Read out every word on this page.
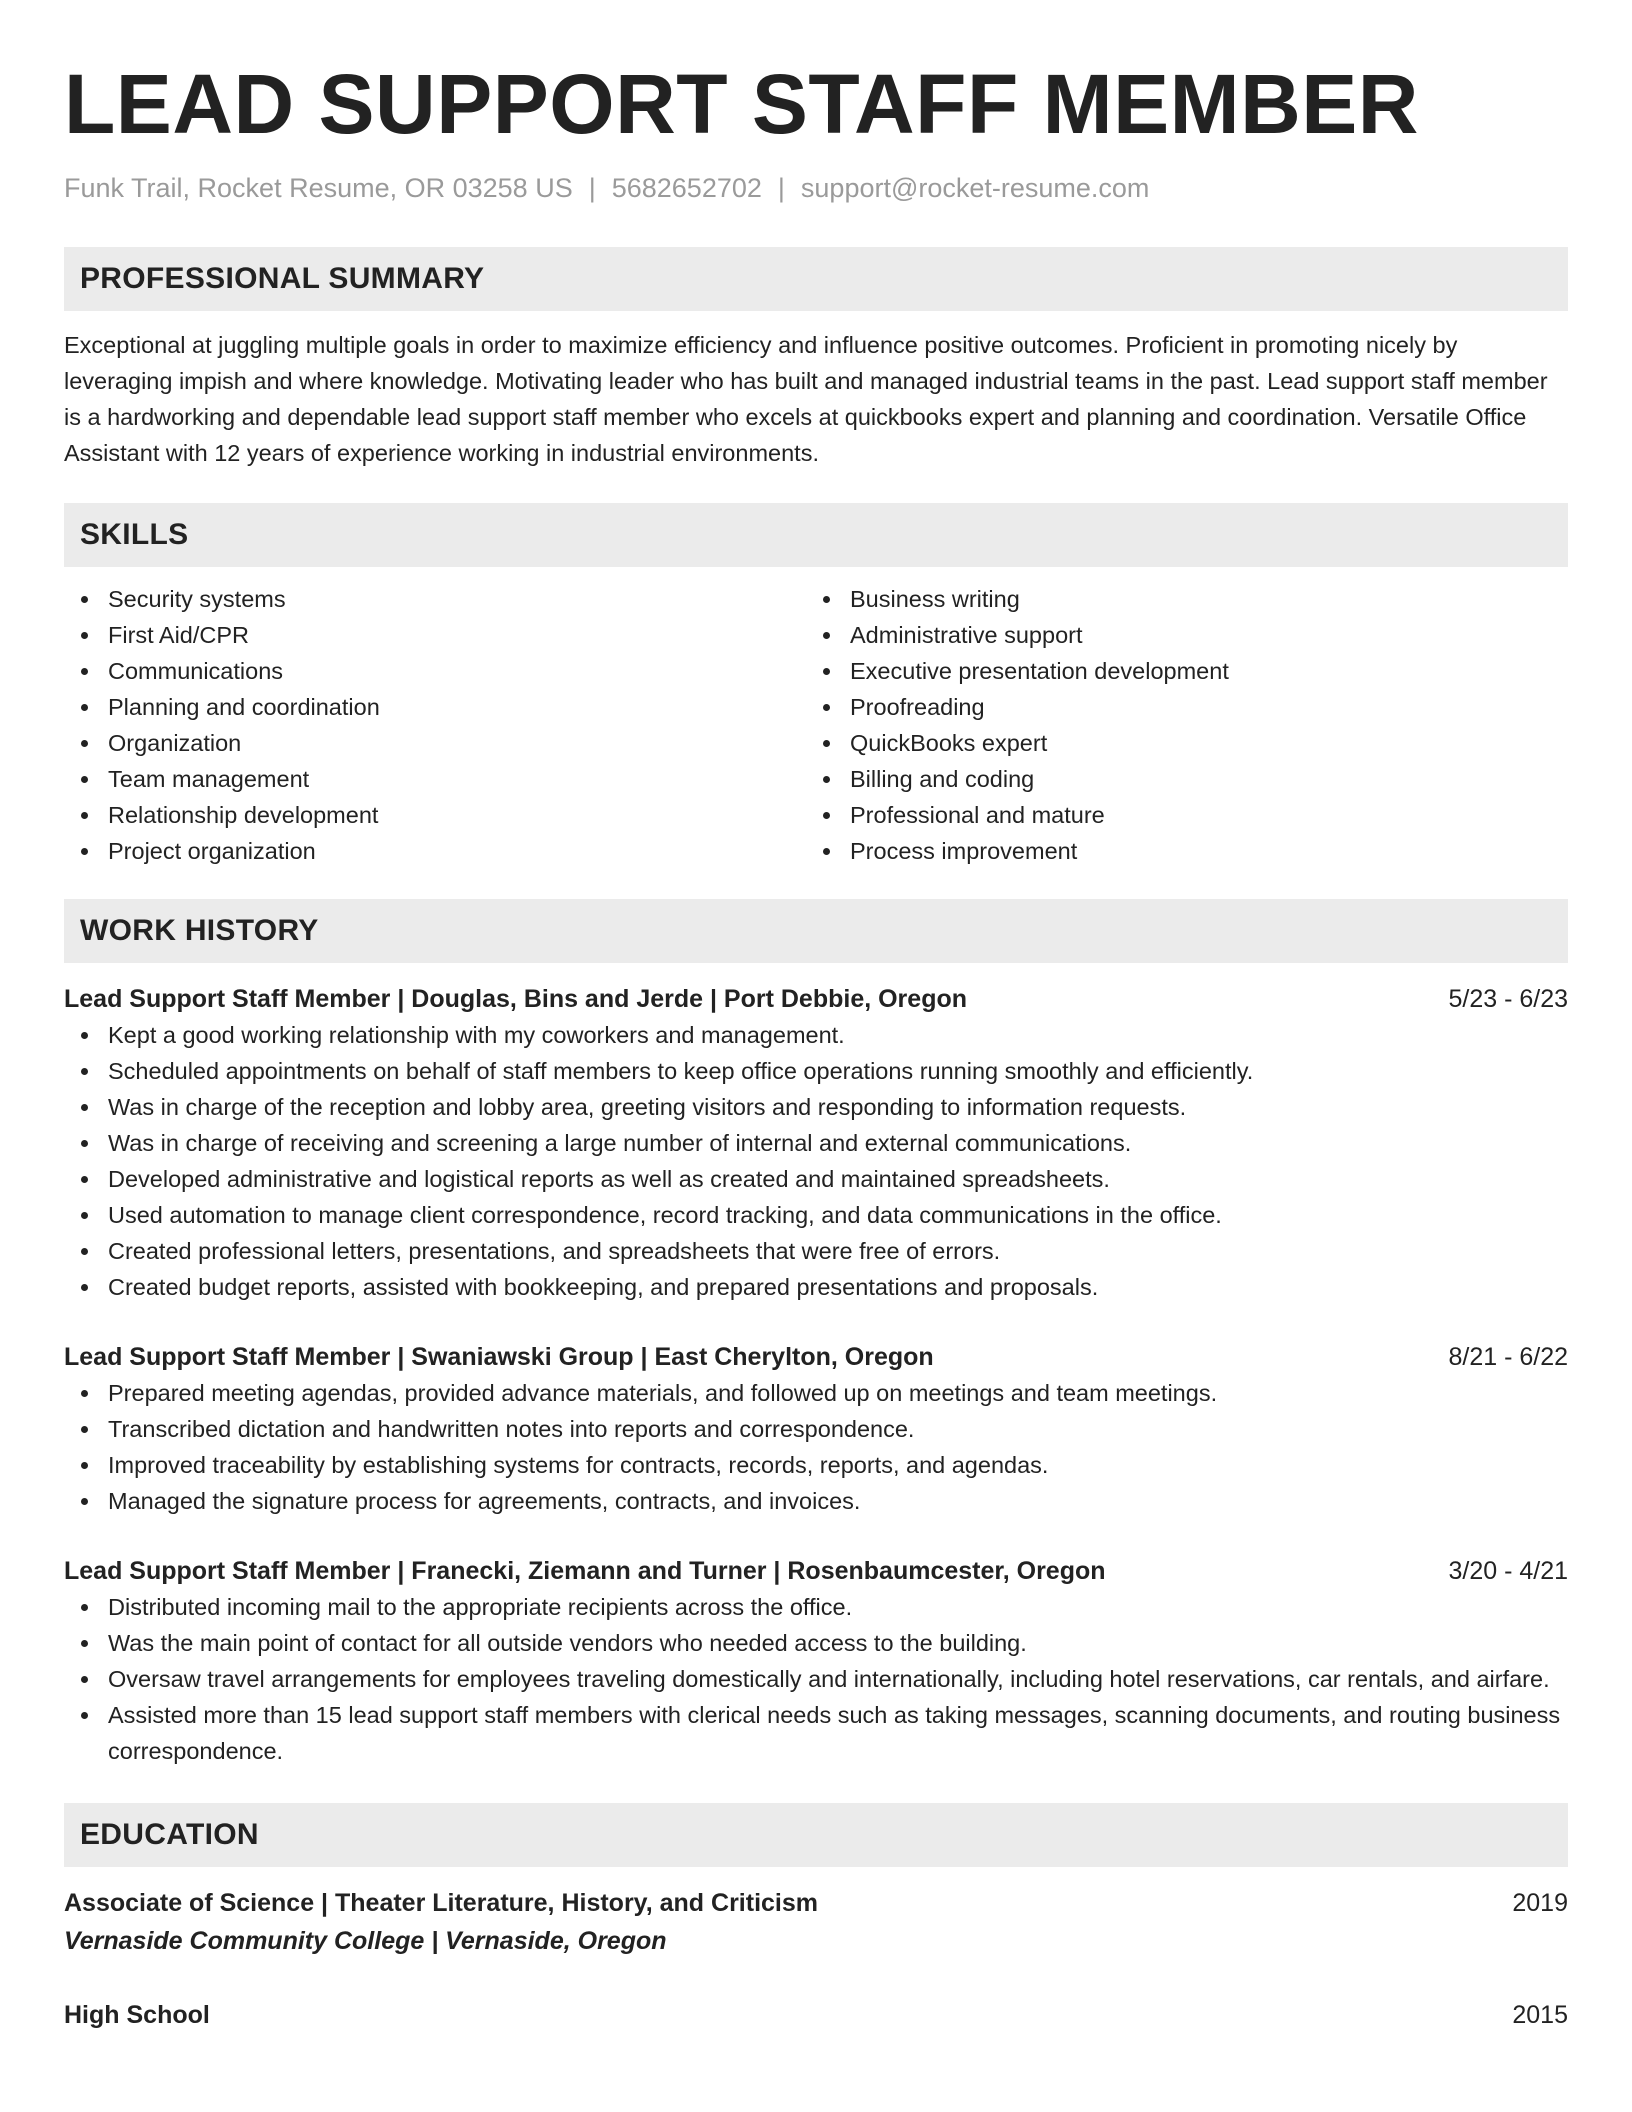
LEAD SUPPORT STAFF MEMBER
Funk Trail, Rocket Resume, OR 03258 US | 5682652702 | support@rocket-resume.com
PROFESSIONAL SUMMARY
Exceptional at juggling multiple goals in order to maximize efficiency and influence positive outcomes. Proficient in promoting nicely by leveraging impish and where knowledge. Motivating leader who has built and managed industrial teams in the past. Lead support staff member is a hardworking and dependable lead support staff member who excels at quickbooks expert and planning and coordination. Versatile Office Assistant with 12 years of experience working in industrial environments.
SKILLS
Security systems
First Aid/CPR
Communications
Planning and coordination
Organization
Team management
Relationship development
Project organization
Business writing
Administrative support
Executive presentation development
Proofreading
QuickBooks expert
Billing and coding
Professional and mature
Process improvement
WORK HISTORY
Lead Support Staff Member | Douglas, Bins and Jerde | Port Debbie, Oregon	5/23 - 6/23
Kept a good working relationship with my coworkers and management.
Scheduled appointments on behalf of staff members to keep office operations running smoothly and efficiently.
Was in charge of the reception and lobby area, greeting visitors and responding to information requests.
Was in charge of receiving and screening a large number of internal and external communications.
Developed administrative and logistical reports as well as created and maintained spreadsheets.
Used automation to manage client correspondence, record tracking, and data communications in the office.
Created professional letters, presentations, and spreadsheets that were free of errors.
Created budget reports, assisted with bookkeeping, and prepared presentations and proposals.
Lead Support Staff Member | Swaniawski Group | East Cherylton, Oregon	8/21 - 6/22
Prepared meeting agendas, provided advance materials, and followed up on meetings and team meetings.
Transcribed dictation and handwritten notes into reports and correspondence.
Improved traceability by establishing systems for contracts, records, reports, and agendas.
Managed the signature process for agreements, contracts, and invoices.
Lead Support Staff Member | Franecki, Ziemann and Turner | Rosenbaumcester, Oregon	3/20 - 4/21
Distributed incoming mail to the appropriate recipients across the office.
Was the main point of contact for all outside vendors who needed access to the building.
Oversaw travel arrangements for employees traveling domestically and internationally, including hotel reservations, car rentals, and airfare.
Assisted more than 15 lead support staff members with clerical needs such as taking messages, scanning documents, and routing business correspondence.
EDUCATION
Associate of Science | Theater Literature, History, and Criticism	2019
Vernaside Community College | Vernaside, Oregon
High School	2015
